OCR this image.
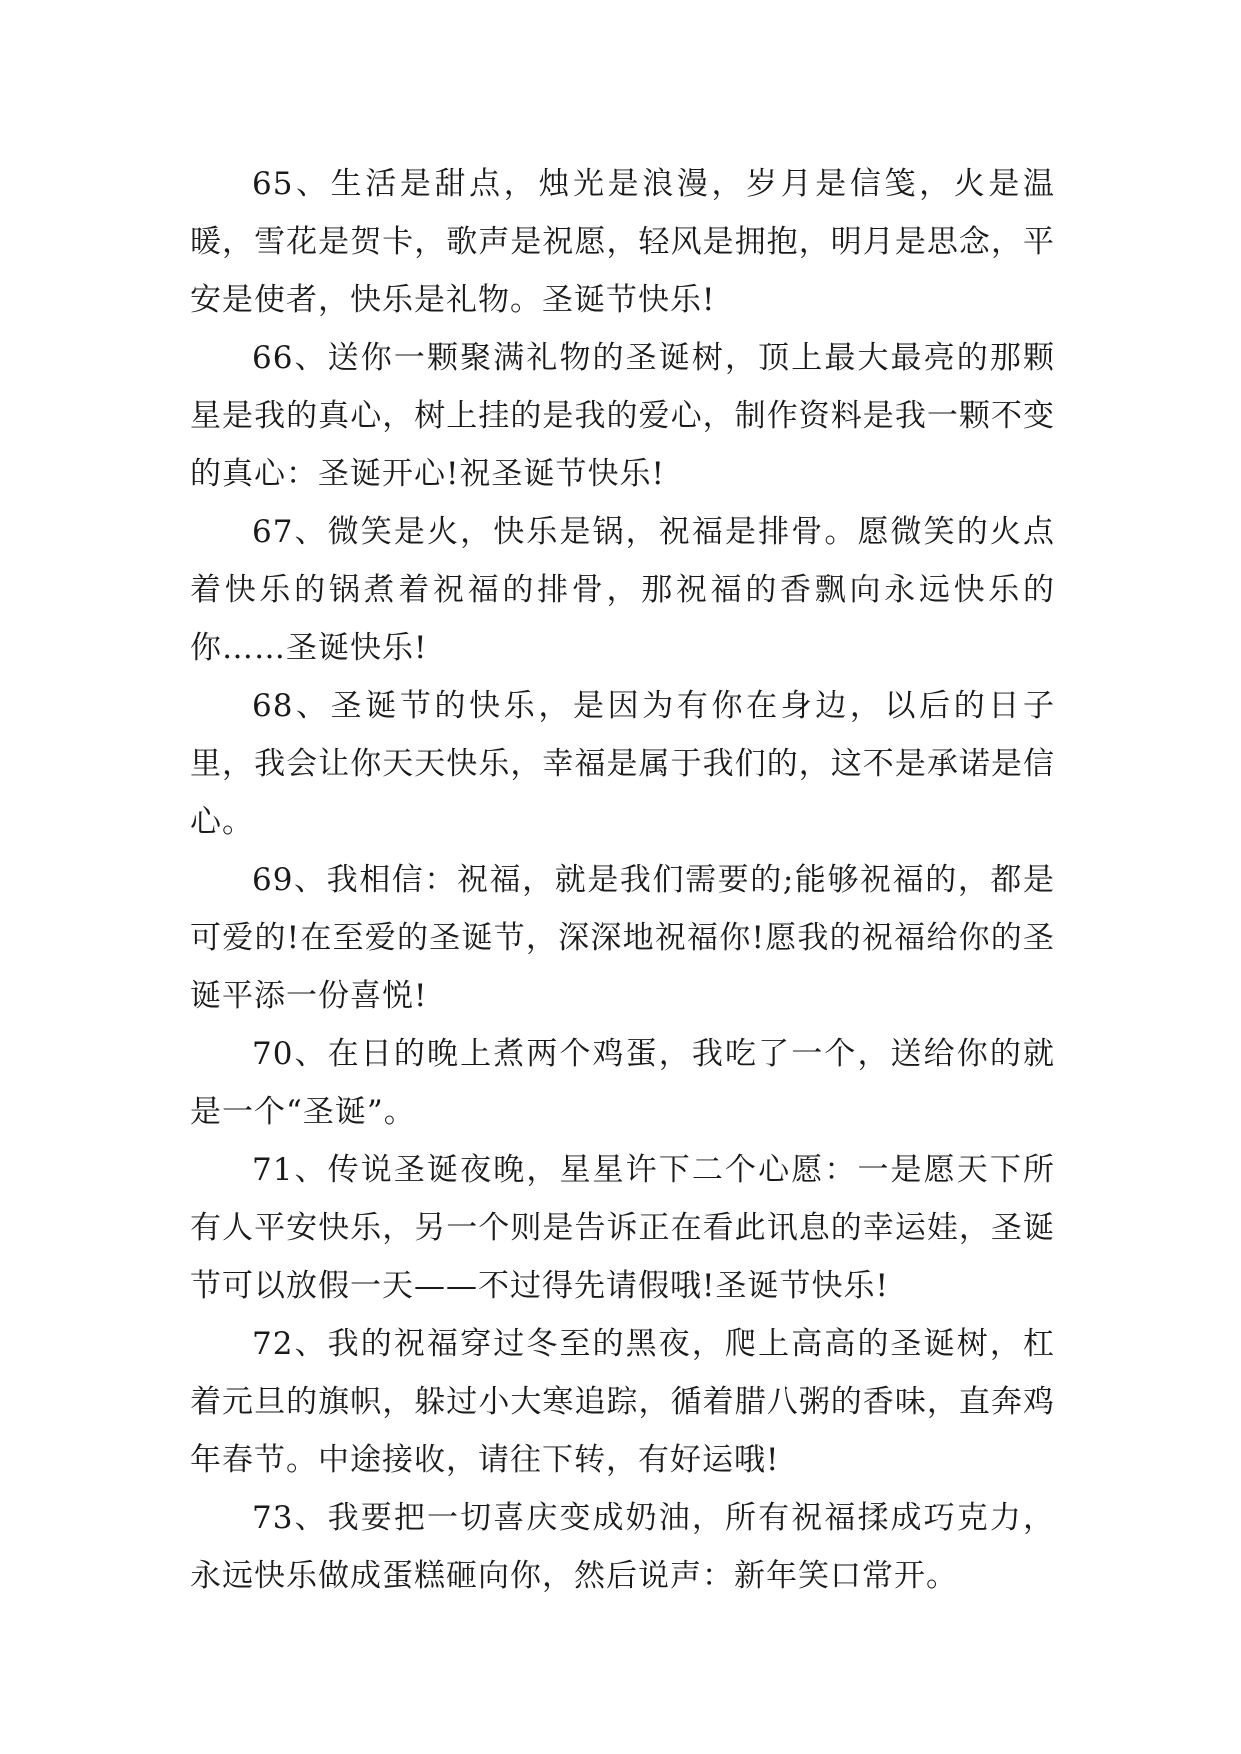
65、生活是甜点，烛光是浪漫，岁月是信笺，火是温暖，雪花是贺卡，歌声是祝愿，轻风是拥抱，明月是思念，平安是使者，快乐是礼物。圣诞节快乐!

66、送你一颗聚满礼物的圣诞树，顶上最大最亮的那颗星是我的真心，树上挂的是我的爱心，制作资料是我一颗不变的真心：圣诞开心!祝圣诞节快乐!

67、微笑是火，快乐是锅，祝福是排骨。愿微笑的火点着快乐的锅煮着祝福的排骨，那祝福的香飘向永远快乐的你……圣诞快乐!

68、圣诞节的快乐，是因为有你在身边，以后的日子里，我会让你天天快乐，幸福是属于我们的，这不是承诺是信心。

69、我相信：祝福，就是我们需要的;能够祝福的，都是可爱的!在至爱的圣诞节，深深地祝福你!愿我的祝福给你的圣诞平添一份喜悦!

70、在日的晚上煮两个鸡蛋，我吃了一个，送给你的就是一个“圣诞”。

71、传说圣诞夜晚，星星许下二个心愿：一是愿天下所有人平安快乐，另一个则是告诉正在看此讯息的幸运娃，圣诞节可以放假一天——不过得先请假哦!圣诞节快乐!

72、我的祝福穿过冬至的黑夜，爬上高高的圣诞树，杠着元旦的旗帜，躲过小大寒追踪，循着腊八粥的香味，直奔鸡年春节。中途接收，请往下转，有好运哦!

73、我要把一切喜庆变成奶油，所有祝福揉成巧克力，永远快乐做成蛋糕砸向你，然后说声：新年笑口常开。
